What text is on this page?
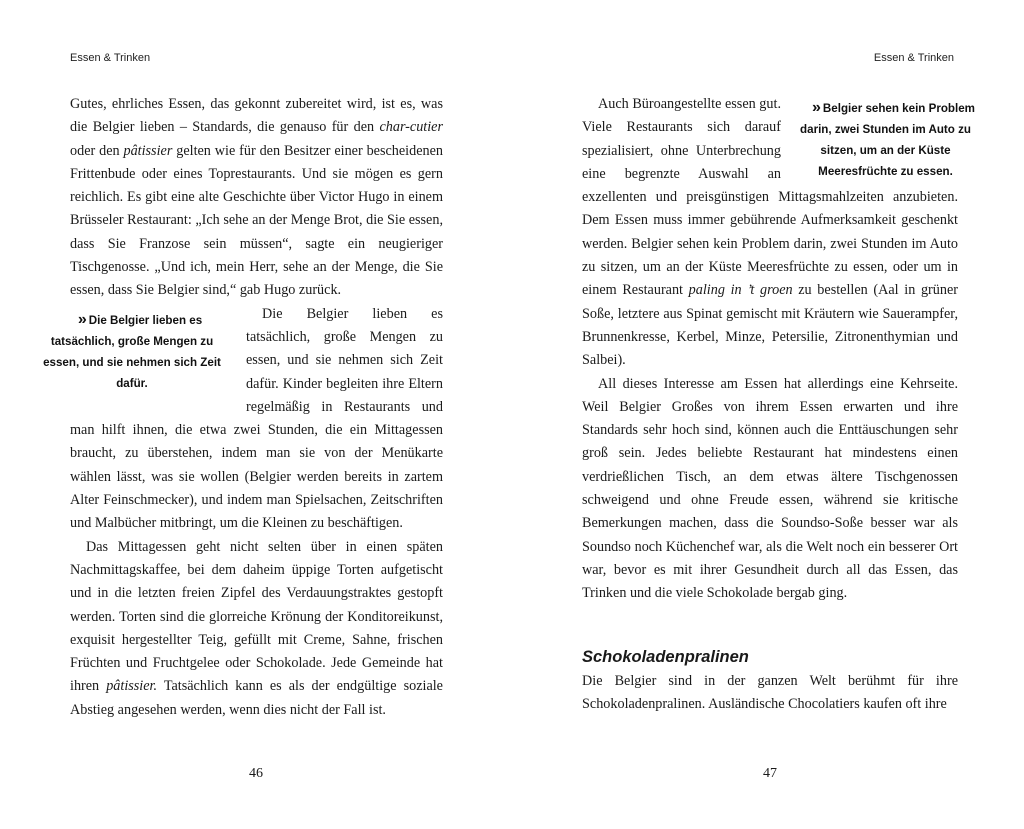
Essen & Trinken

Gutes, ehrliches Essen, das gekonnt zubereitet wird, ist es, was die Belgier lieben – Standards, die genauso für den char-cutier oder den pâtissier gelten wie für den Besitzer einer bescheidenen Frittenbude oder eines Toprestaurants. Und sie mögen es gern reichlich. Es gibt eine alte Geschichte über Victor Hugo in einem Brüsseler Restaurant: „Ich sehe an der Menge Brot, die Sie essen, dass Sie Franzose sein müssen“, sagte ein neugieriger Tischgenosse. „Und ich, mein Herr, sehe an der Menge, die Sie essen, dass Sie Belgier sind,“ gab Hugo zurück.

» Die Belgier lieben es tatsächlich, große Mengen zu essen, und sie nehmen sich Zeit dafür.
Die Belgier lieben es tatsächlich, große Mengen zu essen, und sie nehmen sich Zeit dafür. Kinder begleiten ihre Eltern regelmäßig in Restaurants und man hilft ihnen, die etwa zwei Stunden, die ein Mittagessen braucht, zu überstehen, indem man sie von der Menükarte wählen lässt, was sie wollen (Belgier werden bereits in zartem Alter Feinschmecker), und indem man Spielsachen, Zeitschriften und Malbücher mitbringt, um die Kleinen zu beschäftigen.

Das Mittagessen geht nicht selten über in einen späten Nachmittagskaffee, bei dem daheim üppige Torten aufgetischt und in die letzten freien Zipfel des Verdauungstraktes gestopft werden. Torten sind die glorreiche Krönung der Konditoreikunst, exquisit hergestellter Teig, gefüllt mit Creme, Sahne, frischen Früchten und Fruchtgelee oder Schokolade. Jede Gemeinde hat ihren pâtissier. Tatsächlich kann es als der endgültige soziale Abstieg angesehen werden, wenn dies nicht der Fall ist.

46
Essen & Trinken

» Belgier sehen kein Problem darin, zwei Stunden im Auto zu sitzen, um an der Küste Meeresfrüchte zu essen.
Auch Büroangestellte essen gut. Viele Restaurants sich darauf spezialisiert, ohne Unterbrechung eine begrenzte Auswahl an exzellenten und preisgünstigen Mittagsmahlzeiten anzubieten. Dem Essen muss immer gebührende Aufmerksamkeit geschenkt werden. Belgier sehen kein Problem darin, zwei Stunden im Auto zu sitzen, um an der Küste Meeresfrüchte zu essen, oder um in einem Restaurant paling in ’t groen zu bestellen (Aal in grüner Soße, letztere aus Spinat gemischt mit Kräutern wie Sauerampfer, Brunnenkresse, Kerbel, Minze, Petersilie, Zitronenthymian und Salbei).

All dieses Interesse am Essen hat allerdings eine Kehrseite. Weil Belgier Großes von ihrem Essen erwarten und ihre Standards sehr hoch sind, können auch die Enttäuschungen sehr groß sein. Jedes beliebte Restaurant hat mindestens einen verdrießlichen Tisch, an dem etwas ältere Tischgenossen schweigend und ohne Freude essen, während sie kritische Bemerkungen machen, dass die Soundso-Soße besser war als Soundso noch Küchenchef war, als die Welt noch ein besserer Ort war, bevor es mit ihrer Gesundheit durch all das Essen, das Trinken und die viele Schokolade bergab ging.

Schokoladenpralinen

Die Belgier sind in der ganzen Welt berühmt für ihre Schokoladenpralinen. Ausländische Chocolatiers kaufen oft ihre

47
